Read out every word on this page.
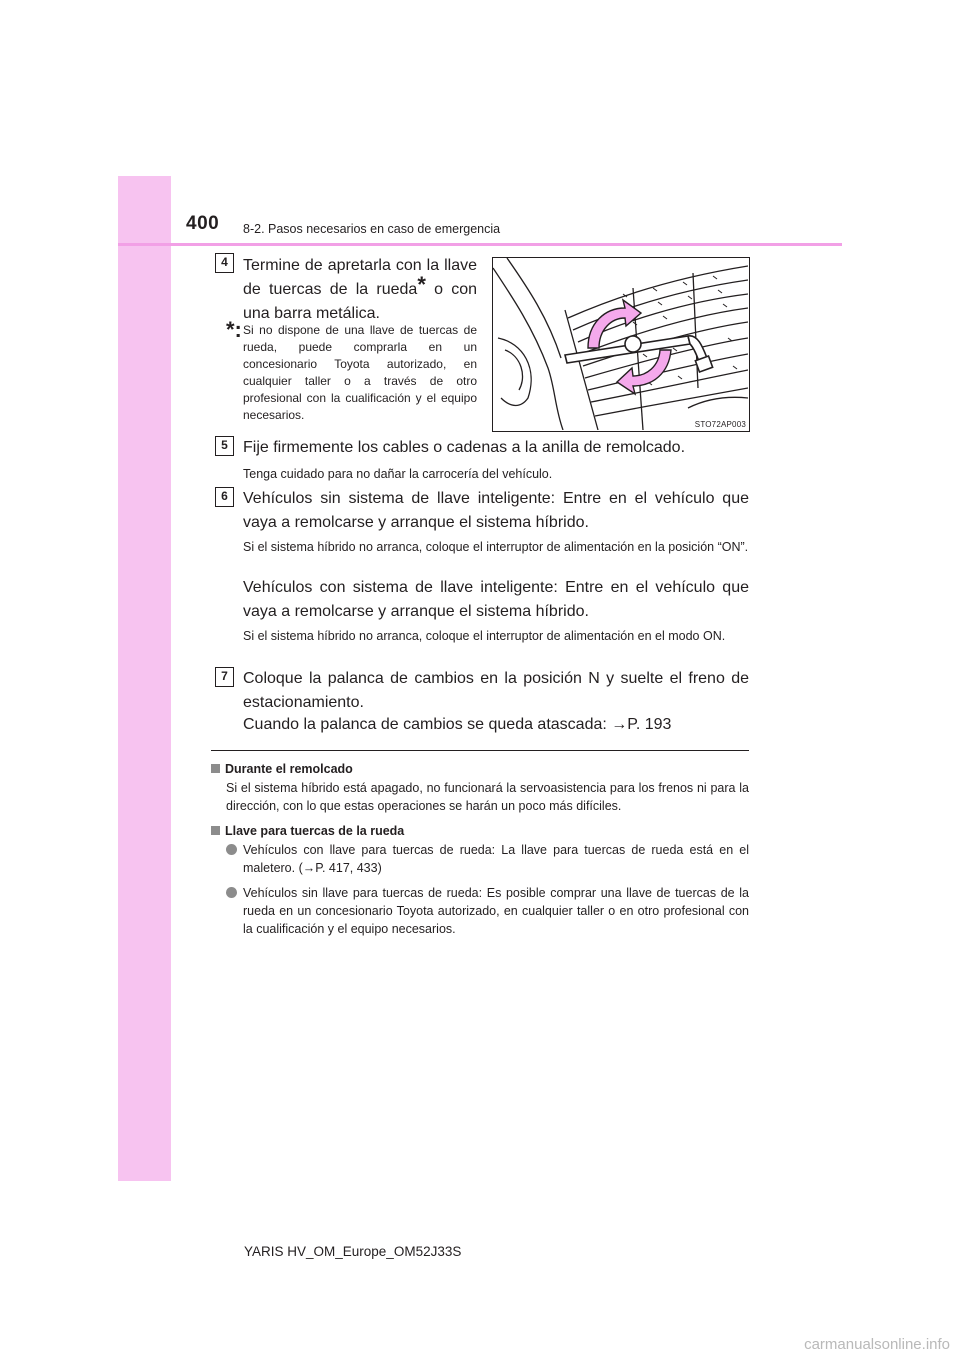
400 8-2. Pasos necesarios en caso de emergencia
4 Termine de apretarla con la llave de tuercas de la rueda* o con una barra metálica.
*: Si no dispone de una llave de tuercas de rueda, puede comprarla en un concesionario Toyota autorizado, en cualquier taller o a través de otro profesional con la cualificación y el equipo necesarios.
STO72AP003
5 Fije firmemente los cables o cadenas a la anilla de remolcado.
Tenga cuidado para no dañar la carrocería del vehículo.
6 Vehículos sin sistema de llave inteligente: Entre en el vehículo que vaya a remolcarse y arranque el sistema híbrido.
Si el sistema híbrido no arranca, coloque el interruptor de alimentación en la posición “ON”.
Vehículos con sistema de llave inteligente: Entre en el vehículo que vaya a remolcarse y arranque el sistema híbrido.
Si el sistema híbrido no arranca, coloque el interruptor de alimentación en el modo ON.
7 Coloque la palanca de cambios en la posición N y suelte el freno de estacionamiento.
Cuando la palanca de cambios se queda atascada: →P. 193
Durante el remolcado
Si el sistema híbrido está apagado, no funcionará la servoasistencia para los frenos ni para la dirección, con lo que estas operaciones se harán un poco más difíciles.
Llave para tuercas de la rueda
Vehículos con llave para tuercas de rueda: La llave para tuercas de rueda está en el maletero. (→P. 417, 433)
Vehículos sin llave para tuercas de rueda: Es posible comprar una llave de tuercas de la rueda en un concesionario Toyota autorizado, en cualquier taller o en otro profesional con la cualificación y el equipo necesarios.
YARIS HV_OM_Europe_OM52J33S
carmanualsonline.info
